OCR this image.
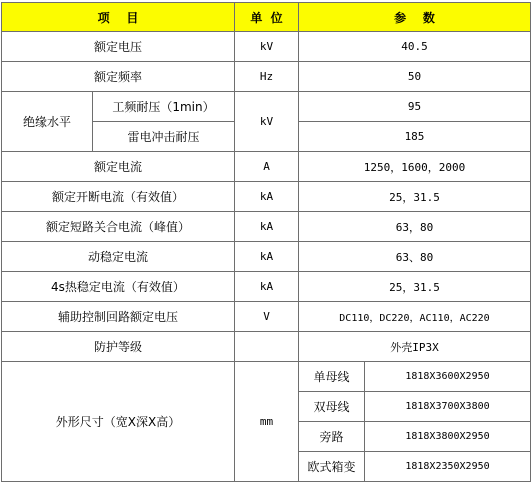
项    目		单  位	参    数	
额定电压		kV	40.5	
额定频率		Hz	50	
绝缘水平	工频耐压（1min）	kV	95	
	雷电冲击耐压		185	
额定电流		A	1250，1600，2000	
额定开断电流（有效值）		kA	25，31.5	
额定短路关合电流（峰值）		kA	63，80	
动稳定电流		kA	63、80	
4s热稳定电流（有效值）		kA	25，31.5	
辅助控制回路额定电压		V	DC110，DC220，AC110，AC220	
防护等级			外壳IP3X	
外形尺寸（宽X深X高）		mm	单母线	1818X3600X2950
			双母线	1818X3700X3800
			旁路	1818X3800X2950
			欧式箱变	1818X2350X2950
